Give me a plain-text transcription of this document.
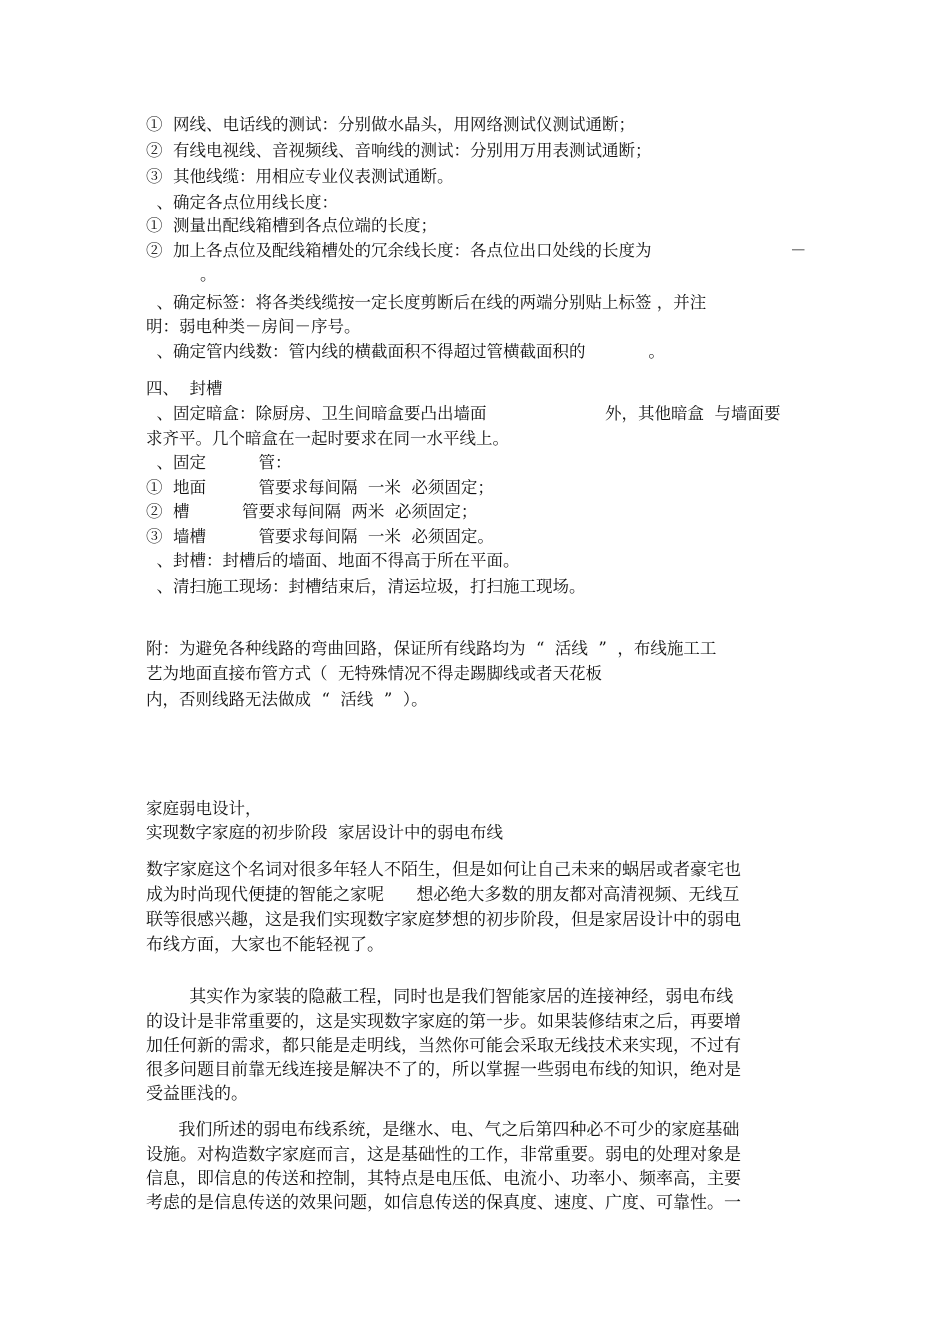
①  网线、电话线的测试：分别做水晶头，用网络测试仪测试通断；
②  有线电视线、音视频线、音响线的测试：分别用万用表测试通断；
③  其他线缆：用相应专业仪表测试通断。
、确定各点位用线长度：
①  测量出配线箱槽到各点位端的长度；
②  加上各点位及配线箱槽处的冗余线长度：各点位出口处线的长度为	－
。
、确定标签：将各类线缆按一定长度剪断后在线的两端分别贴上标签 ，并注
明：弱电种类－房间－序号。
、确定管内线数：管内线的横截面积不得超过管横截面积的            。
四、  封槽
、固定暗盒：除厨房、卫生间暗盒要凸出墙面	外，其他暗盒  与墙面要
求齐平。几个暗盒在一起时要求在同一水平线上。
、固定          管：
①  地面          管要求每间隔  一米  必须固定；
②  槽          管要求每间隔  两米  必须固定；
③  墙槽          管要求每间隔  一米  必须固定。
、封槽：封槽后的墙面、地面不得高于所在平面。
、清扫施工现场：封槽结束后，清运垃圾，打扫施工现场。
附：为避免各种线路的弯曲回路，保证所有线路均为  “  活线  ”  ，布线施工工
艺为地面直接布管方式（  无特殊情况不得走踢脚线或者天花板
内，否则线路无法做成  “  活线  ”  ）。
家庭弱电设计，
实现数字家庭的初步阶段  家居设计中的弱电布线
数字家庭这个名词对很多年轻人不陌生，但是如何让自己未来的蜗居或者豪宅也
成为时尚现代便捷的智能之家呢      想必绝大多数的朋友都对高清视频、无线互
联等很感兴趣，这是我们实现数字家庭梦想的初步阶段，但是家居设计中的弱电
布线方面，大家也不能轻视了。
其实作为家装的隐蔽工程，同时也是我们智能家居的连接神经，弱电布线
的设计是非常重要的，这是实现数字家庭的第一步。如果装修结束之后，再要增
加任何新的需求，都只能是走明线，当然你可能会采取无线技术来实现，不过有
很多问题目前靠无线连接是解决不了的，所以掌握一些弱电布线的知识，绝对是
受益匪浅的。
我们所述的弱电布线系统，是继水、电、气之后第四种必不可少的家庭基础
设施。对构造数字家庭而言，这是基础性的工作，非常重要。弱电的处理对象是
信息，即信息的传送和控制，其特点是电压低、电流小、功率小、频率高，主要
考虑的是信息传送的效果问题，如信息传送的保真度、速度、广度、可靠性。一
